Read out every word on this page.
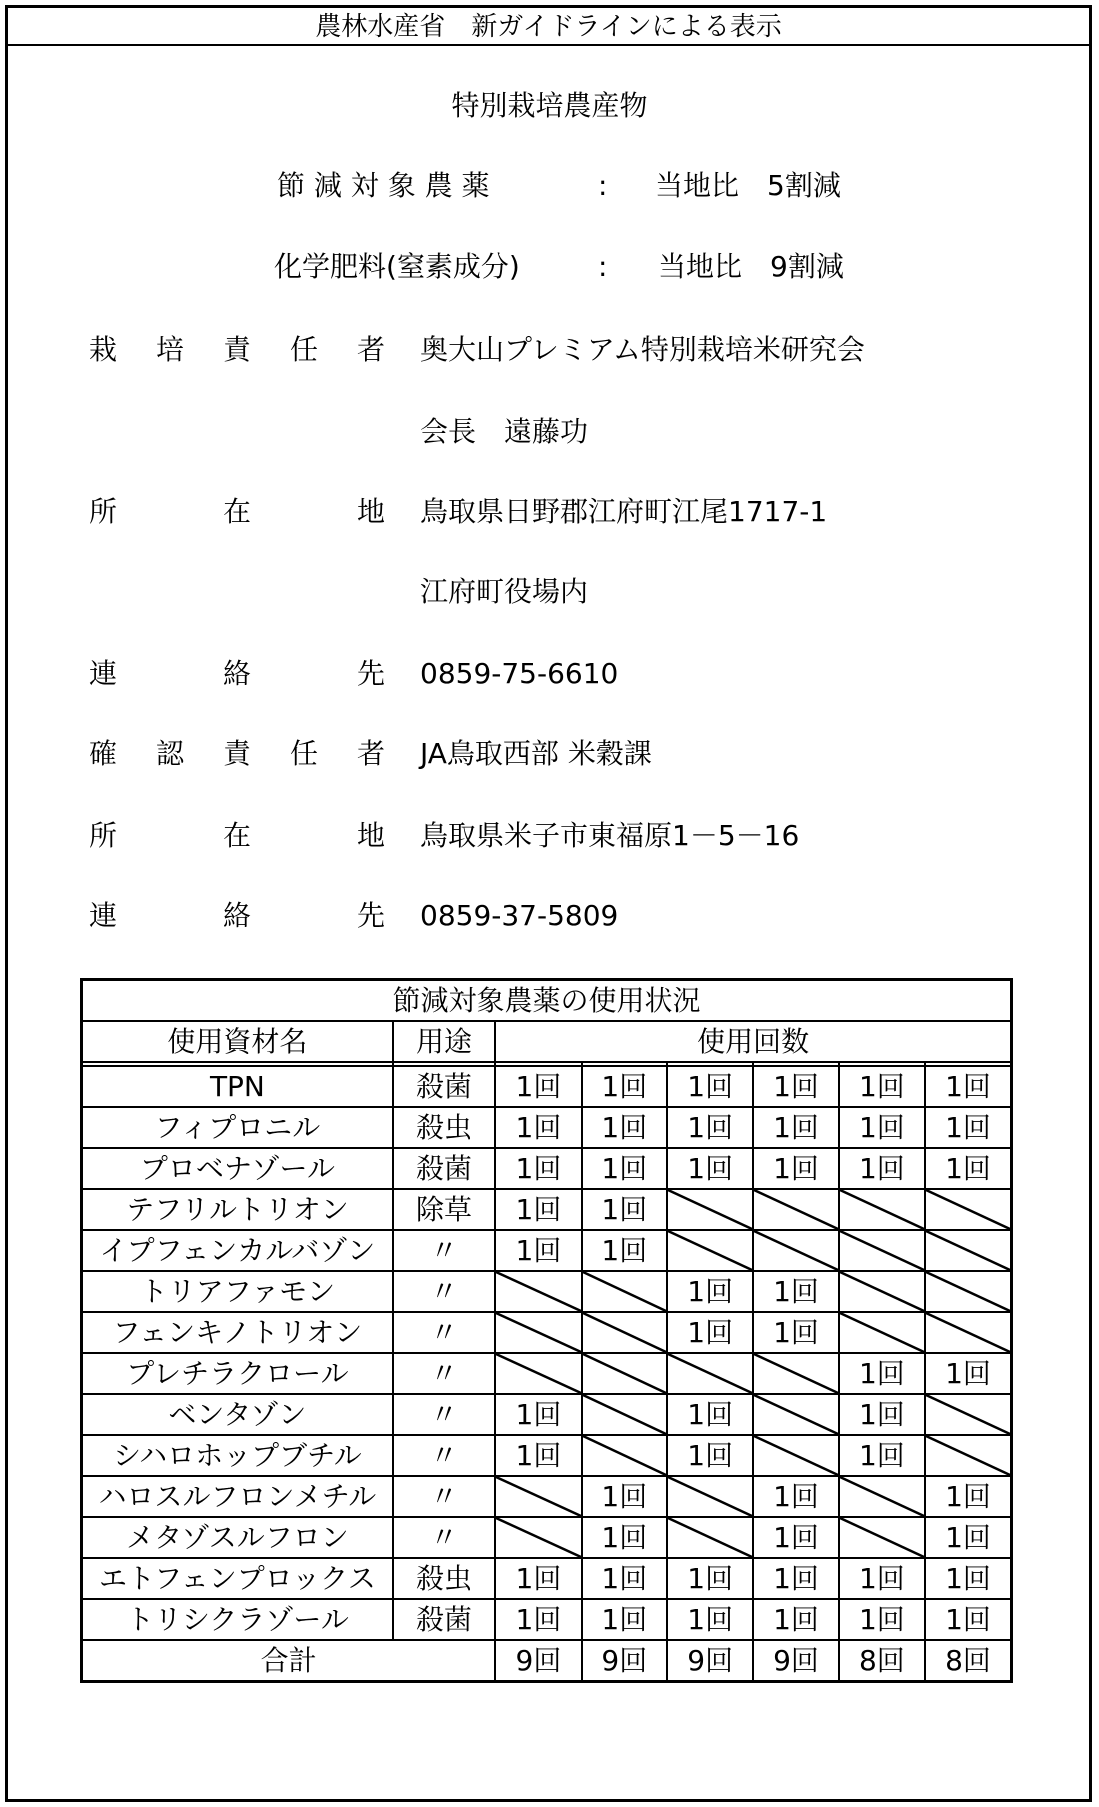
農林水産省　新ガイドラインによる表示
特別栽培農産物
節 減 対 象 農 薬	: 当地比　5割減
化学肥料(窒素成分)	: 当地比　9割減
栽 培 責 任 者 奥大山プレミアム特別栽培米研究会
会長　遠藤功
所	在	地 鳥取県日野郡江府町江尾1717-1
江府町役場内
連	絡	先 0859-75-6610
確 認 責 任 者 JA鳥取西部 米穀課
所	在	地 鳥取県米子市東福原1－5－16
連	絡	先 0859-37-5809
節減対象農薬の使用状況							
使用資材名	用途	使用回数					

TPN	殺菌	1回	1回	1回	1回	1回	1回
フィプロニル	殺虫	1回	1回	1回	1回	1回	1回
プロベナゾール	殺菌	1回	1回	1回	1回	1回	1回
テフリルトリオン	除草	1回	1回				
イプフェンカルバゾン	〃	1回	1回				
トリアファモン	〃			1回	1回		
フェンキノトリオン	〃			1回	1回		
プレチラクロール	〃					1回	1回
ベンタゾン	〃	1回		1回		1回	
シハロホップブチル	〃	1回		1回		1回	
ハロスルフロンメチル	〃		1回		1回		1回
メタゾスルフロン	〃		1回		1回		1回
エトフェンプロックス	殺虫	1回	1回	1回	1回	1回	1回
トリシクラゾール	殺菌	1回	1回	1回	1回	1回	1回
合計		9回	9回	9回	9回	8回	8回
